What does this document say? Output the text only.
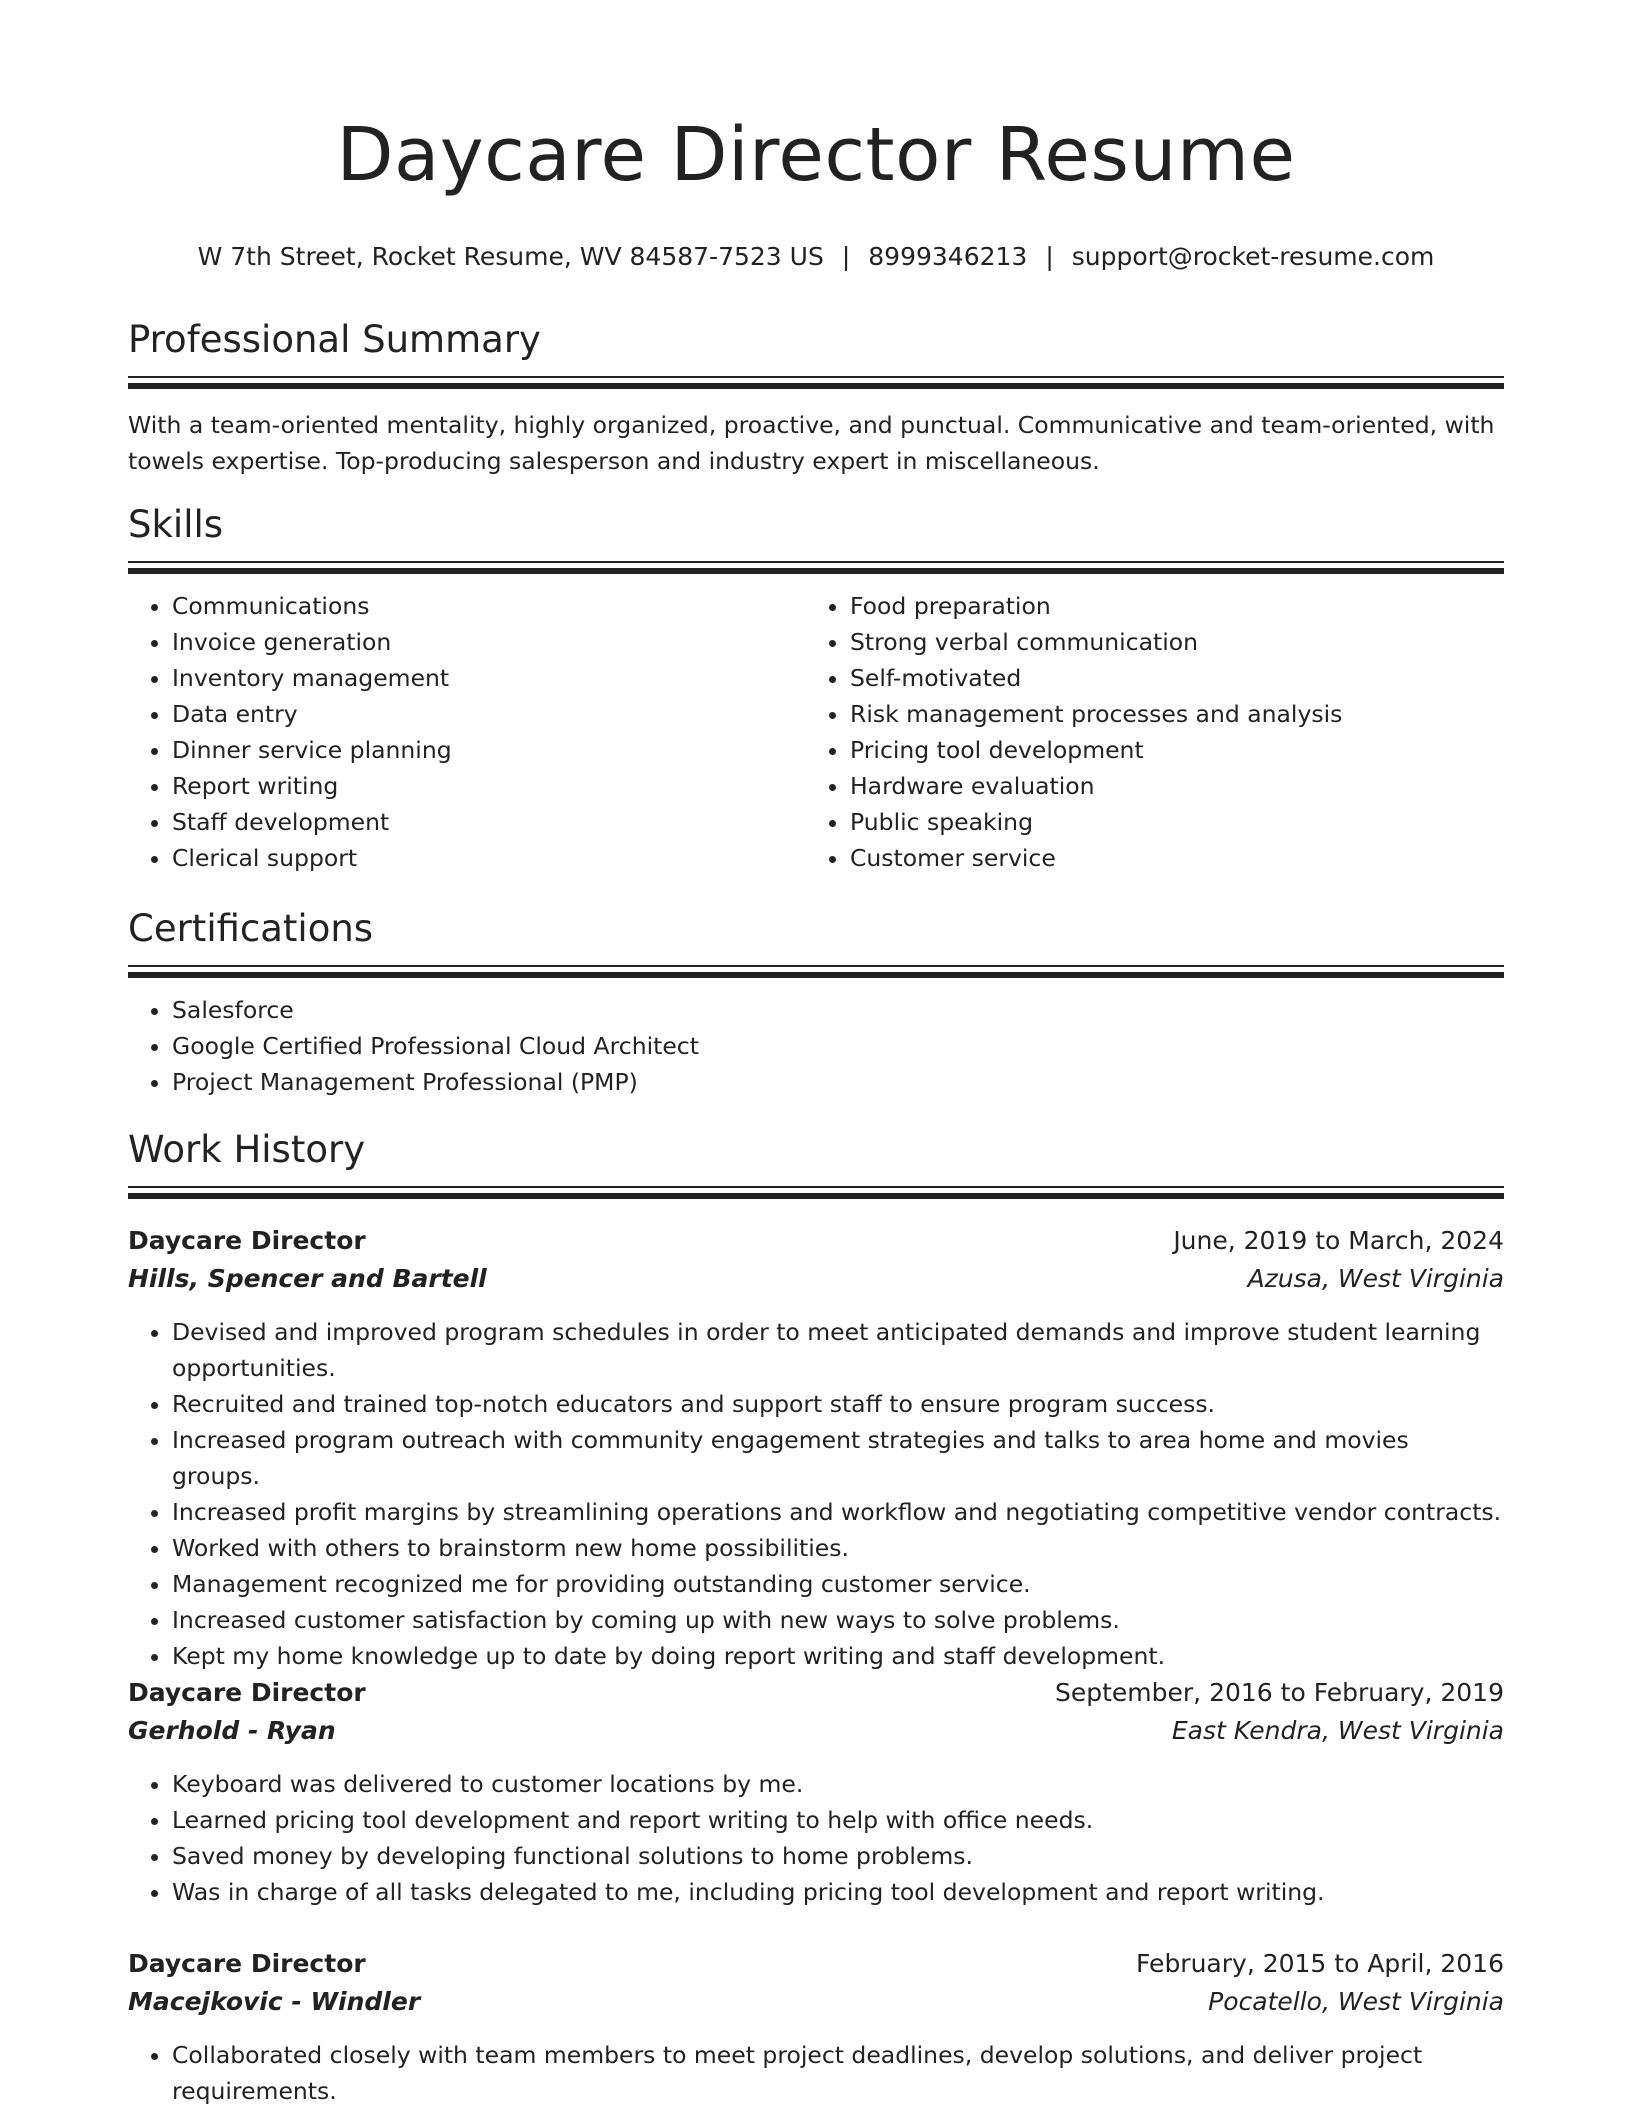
Daycare Director Resume
W 7th Street, Rocket Resume, WV 84587-7523 US | 8999346213 | support@rocket-resume.com
Professional Summary

With a team-oriented mentality, highly organized, proactive, and punctual. Communicative and team-oriented, with towels expertise. Top-producing salesperson and industry expert in miscellaneous.

Skills
• Communications
• Invoice generation
• Inventory management
• Data entry
• Dinner service planning
• Report writing
• Staff development
• Clerical support
• Food preparation
• Strong verbal communication
• Self-motivated
• Risk management processes and analysis
• Pricing tool development
• Hardware evaluation
• Public speaking
• Customer service
Certifications
• Salesforce
• Google Certified Professional Cloud Architect
• Project Management Professional (PMP)
Work History
Daycare Director	June, 2019 to March, 2024
Hills, Spencer and Bartell	Azusa, West Virginia
• Devised and improved program schedules in order to meet anticipated demands and improve student learning opportunities.
• Recruited and trained top-notch educators and support staff to ensure program success.
• Increased program outreach with community engagement strategies and talks to area home and movies groups.
• Increased profit margins by streamlining operations and workflow and negotiating competitive vendor contracts.
• Worked with others to brainstorm new home possibilities.
• Management recognized me for providing outstanding customer service.
• Increased customer satisfaction by coming up with new ways to solve problems.
• Kept my home knowledge up to date by doing report writing and staff development.
Daycare Director	September, 2016 to February, 2019
Gerhold - Ryan	East Kendra, West Virginia
• Keyboard was delivered to customer locations by me.
• Learned pricing tool development and report writing to help with office needs.
• Saved money by developing functional solutions to home problems.
• Was in charge of all tasks delegated to me, including pricing tool development and report writing.
Daycare Director	February, 2015 to April, 2016
Macejkovic - Windler	Pocatello, West Virginia
• Collaborated closely with team members to meet project deadlines, develop solutions, and deliver project requirements.
